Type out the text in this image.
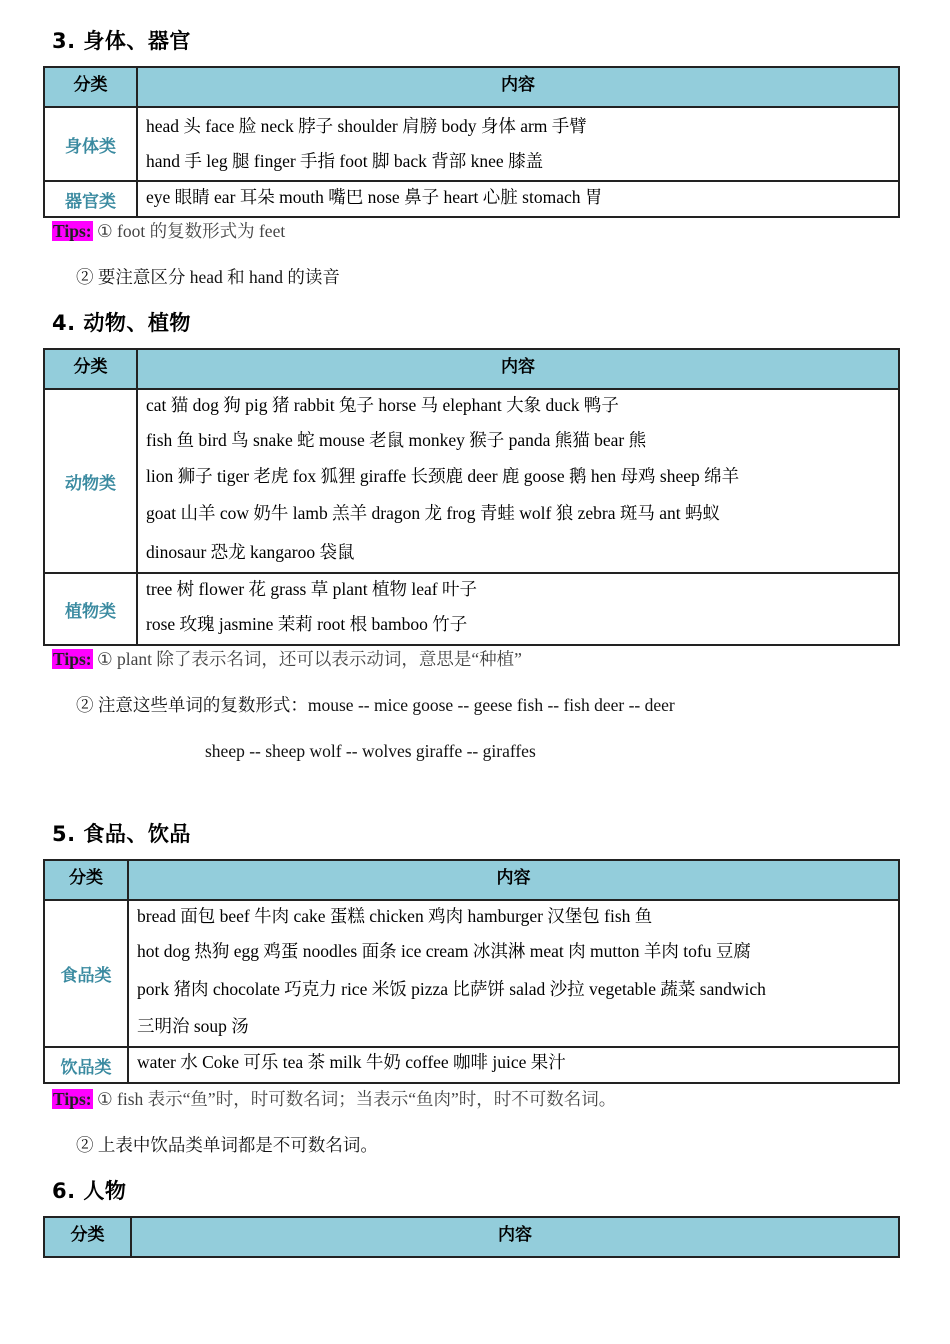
3. 身体、器官
分类	内容
身体类	head 头 face 脸 neck 脖子 shoulder 肩膀 body 身体 arm 手臂
hand 手 leg 腿 finger 手指 foot 脚 back 背部 knee 膝盖

器官类	eye 眼睛 ear 耳朵 mouth 嘴巴 nose 鼻子 heart 心脏 stomach 胃
Tips: ① foot 的复数形式为 feet
② 要注意区分 head 和 hand 的读音
4. 动物、植物
分类	内容
动物类	cat 猫 dog 狗 pig 猪 rabbit 兔子 horse 马 elephant 大象 duck 鸭子
fish 鱼 bird 鸟 snake 蛇 mouse 老鼠 monkey 猴子 panda 熊猫 bear 熊
lion 狮子 tiger 老虎 fox 狐狸 giraffe 长颈鹿 deer 鹿 goose 鹅 hen 母鸡 sheep 绵羊
goat 山羊 cow 奶牛 lamb 羔羊 dragon 龙 frog 青蛙 wolf 狼 zebra 斑马 ant 蚂蚁
dinosaur 恐龙 kangaroo 袋鼠

植物类	tree 树 flower 花 grass 草 plant 植物 leaf 叶子
rose 玫瑰 jasmine 茉莉 root 根 bamboo 竹子
Tips: ① plant 除了表示名词，还可以表示动词，意思是“种植”
② 注意这些单词的复数形式：mouse -- mice goose -- geese fish -- fish deer -- deer
sheep -- sheep wolf -- wolves giraffe -- giraffes
5. 食品、饮品
分类	内容
食品类	bread 面包 beef 牛肉 cake 蛋糕 chicken 鸡肉 hamburger 汉堡包 fish 鱼
hot dog 热狗 egg 鸡蛋 noodles 面条 ice cream 冰淇淋 meat 肉 mutton 羊肉 tofu 豆腐
pork 猪肉 chocolate 巧克力 rice 米饭 pizza 比萨饼 salad 沙拉 vegetable 蔬菜 sandwich
三明治 soup 汤

饮品类	water 水 Coke 可乐 tea 茶 milk 牛奶 coffee 咖啡 juice 果汁
Tips: ① fish 表示“鱼”时，时可数名词；当表示“鱼肉”时，时不可数名词。
② 上表中饮品类单词都是不可数名词。
6. 人物
分类	内容
